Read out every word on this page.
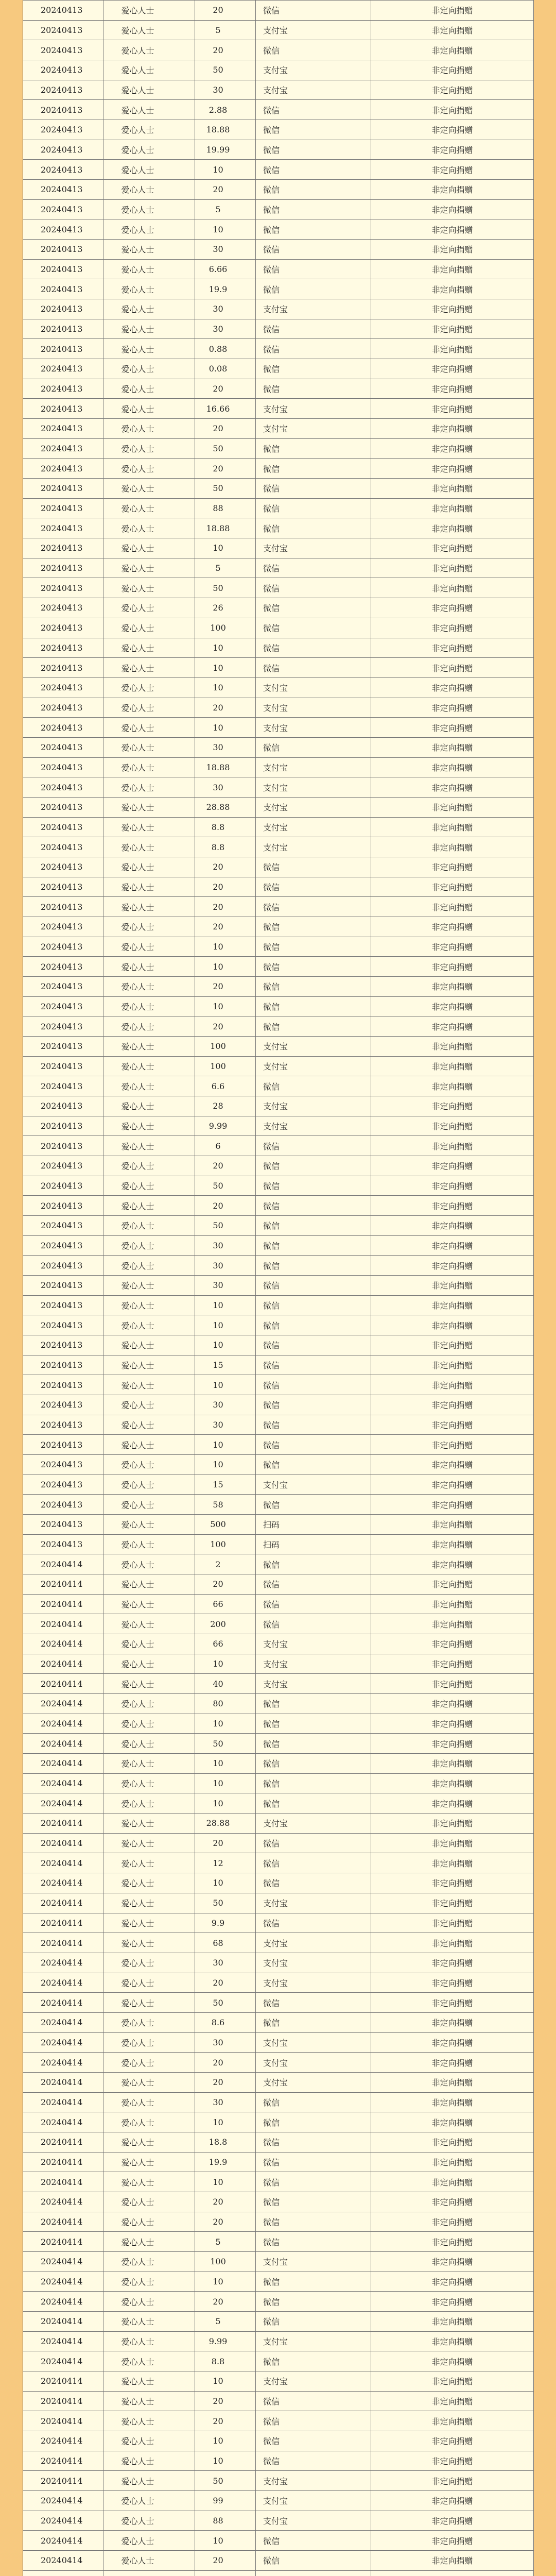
20240413	爱心人士	20	微信	非定向捐赠
20240413	爱心人士	5	支付宝	非定向捐赠
20240413	爱心人士	20	微信	非定向捐赠
20240413	爱心人士	50	支付宝	非定向捐赠
20240413	爱心人士	30	支付宝	非定向捐赠
20240413	爱心人士	2.88	微信	非定向捐赠
20240413	爱心人士	18.88	微信	非定向捐赠
20240413	爱心人士	19.99	微信	非定向捐赠
20240413	爱心人士	10	微信	非定向捐赠
20240413	爱心人士	20	微信	非定向捐赠
20240413	爱心人士	5	微信	非定向捐赠
20240413	爱心人士	10	微信	非定向捐赠
20240413	爱心人士	30	微信	非定向捐赠
20240413	爱心人士	6.66	微信	非定向捐赠
20240413	爱心人士	19.9	微信	非定向捐赠
20240413	爱心人士	30	支付宝	非定向捐赠
20240413	爱心人士	30	微信	非定向捐赠
20240413	爱心人士	0.88	微信	非定向捐赠
20240413	爱心人士	0.08	微信	非定向捐赠
20240413	爱心人士	20	微信	非定向捐赠
20240413	爱心人士	16.66	支付宝	非定向捐赠
20240413	爱心人士	20	支付宝	非定向捐赠
20240413	爱心人士	50	微信	非定向捐赠
20240413	爱心人士	20	微信	非定向捐赠
20240413	爱心人士	50	微信	非定向捐赠
20240413	爱心人士	88	微信	非定向捐赠
20240413	爱心人士	18.88	微信	非定向捐赠
20240413	爱心人士	10	支付宝	非定向捐赠
20240413	爱心人士	5	微信	非定向捐赠
20240413	爱心人士	50	微信	非定向捐赠
20240413	爱心人士	26	微信	非定向捐赠
20240413	爱心人士	100	微信	非定向捐赠
20240413	爱心人士	10	微信	非定向捐赠
20240413	爱心人士	10	微信	非定向捐赠
20240413	爱心人士	10	支付宝	非定向捐赠
20240413	爱心人士	20	支付宝	非定向捐赠
20240413	爱心人士	10	支付宝	非定向捐赠
20240413	爱心人士	30	微信	非定向捐赠
20240413	爱心人士	18.88	支付宝	非定向捐赠
20240413	爱心人士	30	支付宝	非定向捐赠
20240413	爱心人士	28.88	支付宝	非定向捐赠
20240413	爱心人士	8.8	支付宝	非定向捐赠
20240413	爱心人士	8.8	支付宝	非定向捐赠
20240413	爱心人士	20	微信	非定向捐赠
20240413	爱心人士	20	微信	非定向捐赠
20240413	爱心人士	20	微信	非定向捐赠
20240413	爱心人士	20	微信	非定向捐赠
20240413	爱心人士	10	微信	非定向捐赠
20240413	爱心人士	10	微信	非定向捐赠
20240413	爱心人士	20	微信	非定向捐赠
20240413	爱心人士	10	微信	非定向捐赠
20240413	爱心人士	20	微信	非定向捐赠
20240413	爱心人士	100	支付宝	非定向捐赠
20240413	爱心人士	100	支付宝	非定向捐赠
20240413	爱心人士	6.6	微信	非定向捐赠
20240413	爱心人士	28	支付宝	非定向捐赠
20240413	爱心人士	9.99	支付宝	非定向捐赠
20240413	爱心人士	6	微信	非定向捐赠
20240413	爱心人士	20	微信	非定向捐赠
20240413	爱心人士	50	微信	非定向捐赠
20240413	爱心人士	20	微信	非定向捐赠
20240413	爱心人士	50	微信	非定向捐赠
20240413	爱心人士	30	微信	非定向捐赠
20240413	爱心人士	30	微信	非定向捐赠
20240413	爱心人士	30	微信	非定向捐赠
20240413	爱心人士	10	微信	非定向捐赠
20240413	爱心人士	10	微信	非定向捐赠
20240413	爱心人士	10	微信	非定向捐赠
20240413	爱心人士	15	微信	非定向捐赠
20240413	爱心人士	10	微信	非定向捐赠
20240413	爱心人士	30	微信	非定向捐赠
20240413	爱心人士	30	微信	非定向捐赠
20240413	爱心人士	10	微信	非定向捐赠
20240413	爱心人士	10	微信	非定向捐赠
20240413	爱心人士	15	支付宝	非定向捐赠
20240413	爱心人士	58	微信	非定向捐赠
20240413	爱心人士	500	扫码	非定向捐赠
20240413	爱心人士	100	扫码	非定向捐赠
20240414	爱心人士	2	微信	非定向捐赠
20240414	爱心人士	20	微信	非定向捐赠
20240414	爱心人士	66	微信	非定向捐赠
20240414	爱心人士	200	微信	非定向捐赠
20240414	爱心人士	66	支付宝	非定向捐赠
20240414	爱心人士	10	支付宝	非定向捐赠
20240414	爱心人士	40	支付宝	非定向捐赠
20240414	爱心人士	80	微信	非定向捐赠
20240414	爱心人士	10	微信	非定向捐赠
20240414	爱心人士	50	微信	非定向捐赠
20240414	爱心人士	10	微信	非定向捐赠
20240414	爱心人士	10	微信	非定向捐赠
20240414	爱心人士	10	微信	非定向捐赠
20240414	爱心人士	28.88	支付宝	非定向捐赠
20240414	爱心人士	20	微信	非定向捐赠
20240414	爱心人士	12	微信	非定向捐赠
20240414	爱心人士	10	微信	非定向捐赠
20240414	爱心人士	50	支付宝	非定向捐赠
20240414	爱心人士	9.9	微信	非定向捐赠
20240414	爱心人士	68	支付宝	非定向捐赠
20240414	爱心人士	30	支付宝	非定向捐赠
20240414	爱心人士	20	支付宝	非定向捐赠
20240414	爱心人士	50	微信	非定向捐赠
20240414	爱心人士	8.6	微信	非定向捐赠
20240414	爱心人士	30	支付宝	非定向捐赠
20240414	爱心人士	20	支付宝	非定向捐赠
20240414	爱心人士	20	支付宝	非定向捐赠
20240414	爱心人士	30	微信	非定向捐赠
20240414	爱心人士	10	微信	非定向捐赠
20240414	爱心人士	18.8	微信	非定向捐赠
20240414	爱心人士	19.9	微信	非定向捐赠
20240414	爱心人士	10	微信	非定向捐赠
20240414	爱心人士	20	微信	非定向捐赠
20240414	爱心人士	20	微信	非定向捐赠
20240414	爱心人士	5	微信	非定向捐赠
20240414	爱心人士	100	支付宝	非定向捐赠
20240414	爱心人士	10	微信	非定向捐赠
20240414	爱心人士	20	微信	非定向捐赠
20240414	爱心人士	5	微信	非定向捐赠
20240414	爱心人士	9.99	支付宝	非定向捐赠
20240414	爱心人士	8.8	微信	非定向捐赠
20240414	爱心人士	10	支付宝	非定向捐赠
20240414	爱心人士	20	微信	非定向捐赠
20240414	爱心人士	20	微信	非定向捐赠
20240414	爱心人士	10	微信	非定向捐赠
20240414	爱心人士	10	微信	非定向捐赠
20240414	爱心人士	50	支付宝	非定向捐赠
20240414	爱心人士	99	支付宝	非定向捐赠
20240414	爱心人士	88	支付宝	非定向捐赠
20240414	爱心人士	10	微信	非定向捐赠
20240414	爱心人士	20	微信	非定向捐赠
